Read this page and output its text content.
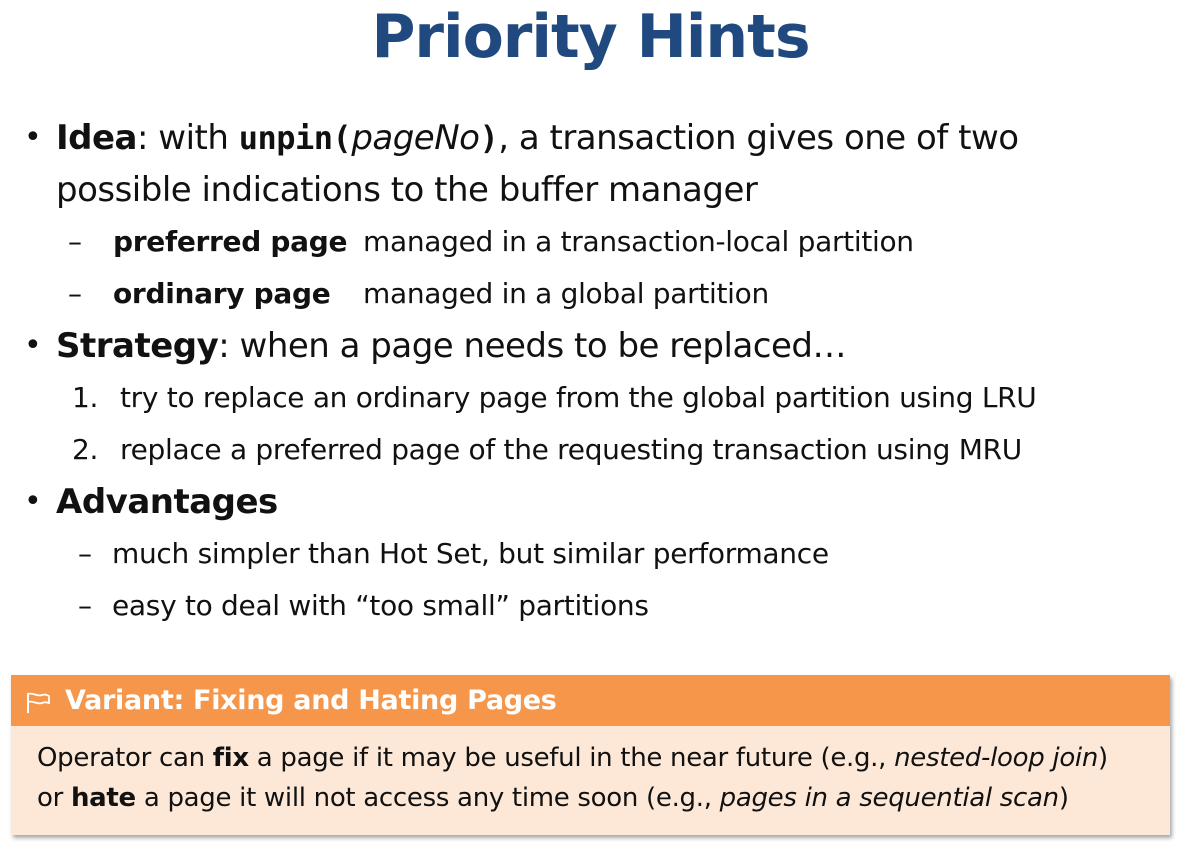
Priority Hints
• Idea: with unpin(pageNo), a transaction gives one of two possible indications to the buffer manager
–	preferred page managed in a transaction-local partition
–	ordinary page	managed in a global partition
• Strategy: when a page needs to be replaced…
1. try to replace an ordinary page from the global partition using LRU
2. replace a preferred page of the requesting transaction using MRU
• Advantages
– much simpler than Hot Set, but similar performance
– easy to deal with “too small” partitions
Variant: Fixing and Hating Pages
Operator can fix a page if it may be useful in the near future (e.g., nested-loop join)
or hate a page it will not access any time soon (e.g., pages in a sequential scan)
